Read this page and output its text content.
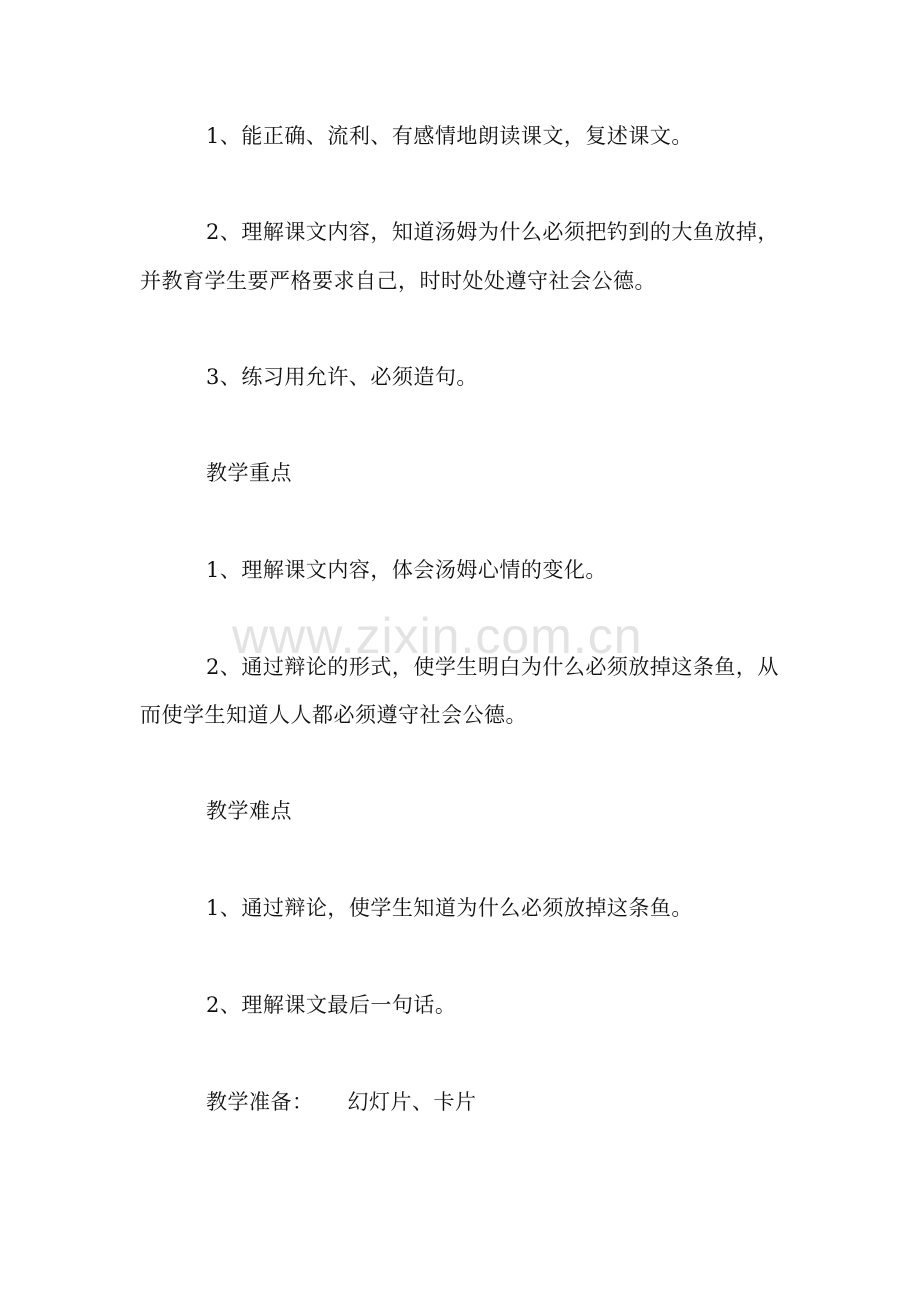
www.zixin.com.cn
1、能正确、流利、有感情地朗读课文，复述课文。
2、理解课文内容，知道汤姆为什么必须把钓到的大鱼放掉，
并教育学生要严格要求自己，时时处处遵守社会公德。
3、练习用允许、必须造句。
教学重点
1、理解课文内容，体会汤姆心情的变化。
2、通过辩论的形式，使学生明白为什么必须放掉这条鱼，从
而使学生知道人人都必须遵守社会公德。
教学难点
1、通过辩论，使学生知道为什么必须放掉这条鱼。
2、理解课文最后一句话。
教学准备： 幻灯片、卡片
